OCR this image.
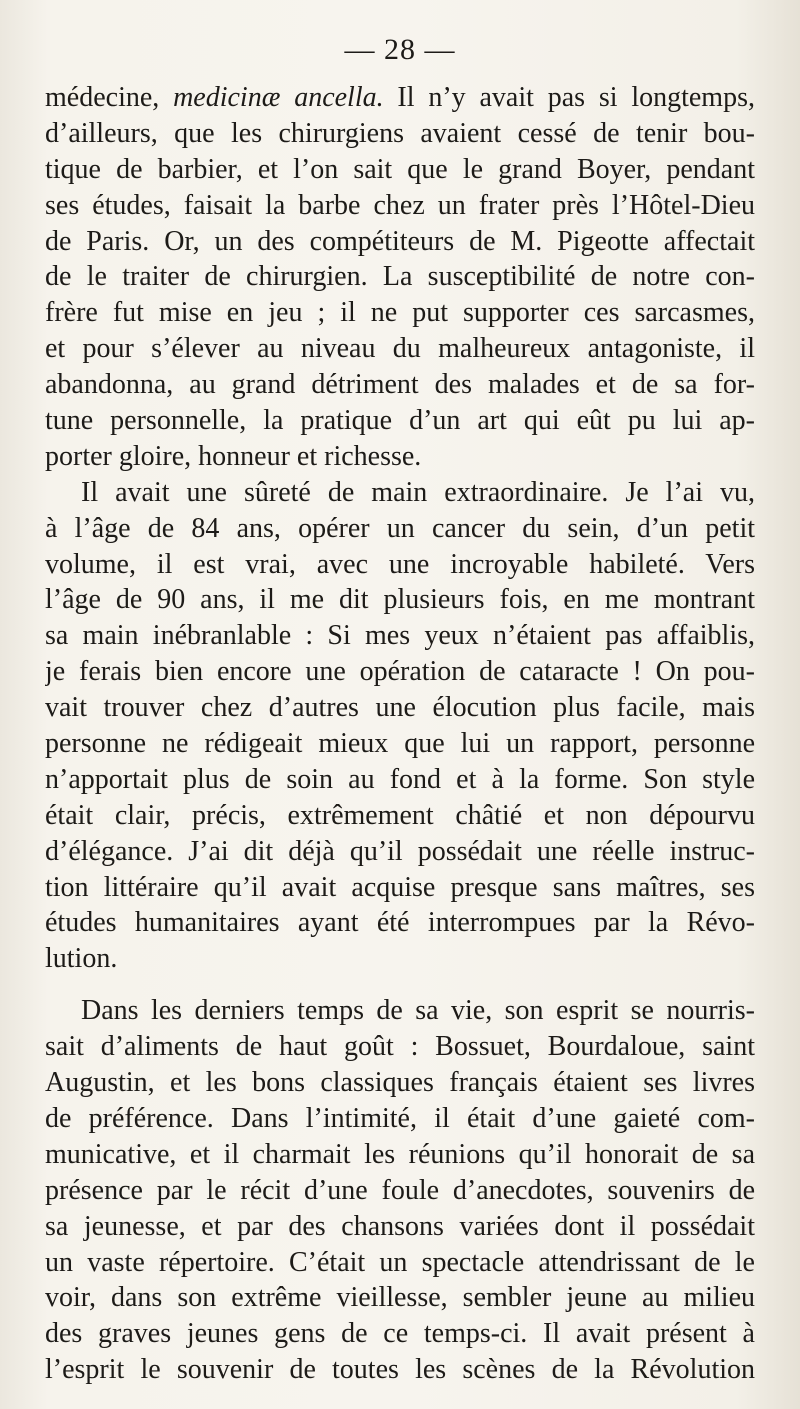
— 28 —
médecine, medicinæ ancella. Il n’y avait pas si longtemps,
d’ailleurs, que les chirurgiens avaient cessé de tenir bou-
tique de barbier, et l’on sait que le grand Boyer, pendant
ses études, faisait la barbe chez un frater près l’Hôtel-Dieu
de Paris. Or, un des compétiteurs de M. Pigeotte affectait
de le traiter de chirurgien. La susceptibilité de notre con-
frère fut mise en jeu ; il ne put supporter ces sarcasmes,
et pour s’élever au niveau du malheureux antagoniste, il
abandonna, au grand détriment des malades et de sa for-
tune personnelle, la pratique d’un art qui eût pu lui ap-
porter gloire, honneur et richesse.
Il avait une sûreté de main extraordinaire. Je l’ai vu,
à l’âge de 84 ans, opérer un cancer du sein, d’un petit
volume, il est vrai, avec une incroyable habileté. Vers
l’âge de 90 ans, il me dit plusieurs fois, en me montrant
sa main inébranlable : Si mes yeux n’étaient pas affaiblis,
je ferais bien encore une opération de cataracte ! On pou-
vait trouver chez d’autres une élocution plus facile, mais
personne ne rédigeait mieux que lui un rapport, personne
n’apportait plus de soin au fond et à la forme. Son style
était clair, précis, extrêmement châtié et non dépourvu
d’élégance. J’ai dit déjà qu’il possédait une réelle instruc-
tion littéraire qu’il avait acquise presque sans maîtres, ses
études humanitaires ayant été interrompues par la Révo-
lution.
Dans les derniers temps de sa vie, son esprit se nourris-
sait d’aliments de haut goût : Bossuet, Bourdaloue, saint
Augustin, et les bons classiques français étaient ses livres
de préférence. Dans l’intimité, il était d’une gaieté com-
municative, et il charmait les réunions qu’il honorait de sa
présence par le récit d’une foule d’anecdotes, souvenirs de
sa jeunesse, et par des chansons variées dont il possédait
un vaste répertoire. C’était un spectacle attendrissant de le
voir, dans son extrême vieillesse, sembler jeune au milieu
des graves jeunes gens de ce temps-ci. Il avait présent à
l’esprit le souvenir de toutes les scènes de la Révolution
